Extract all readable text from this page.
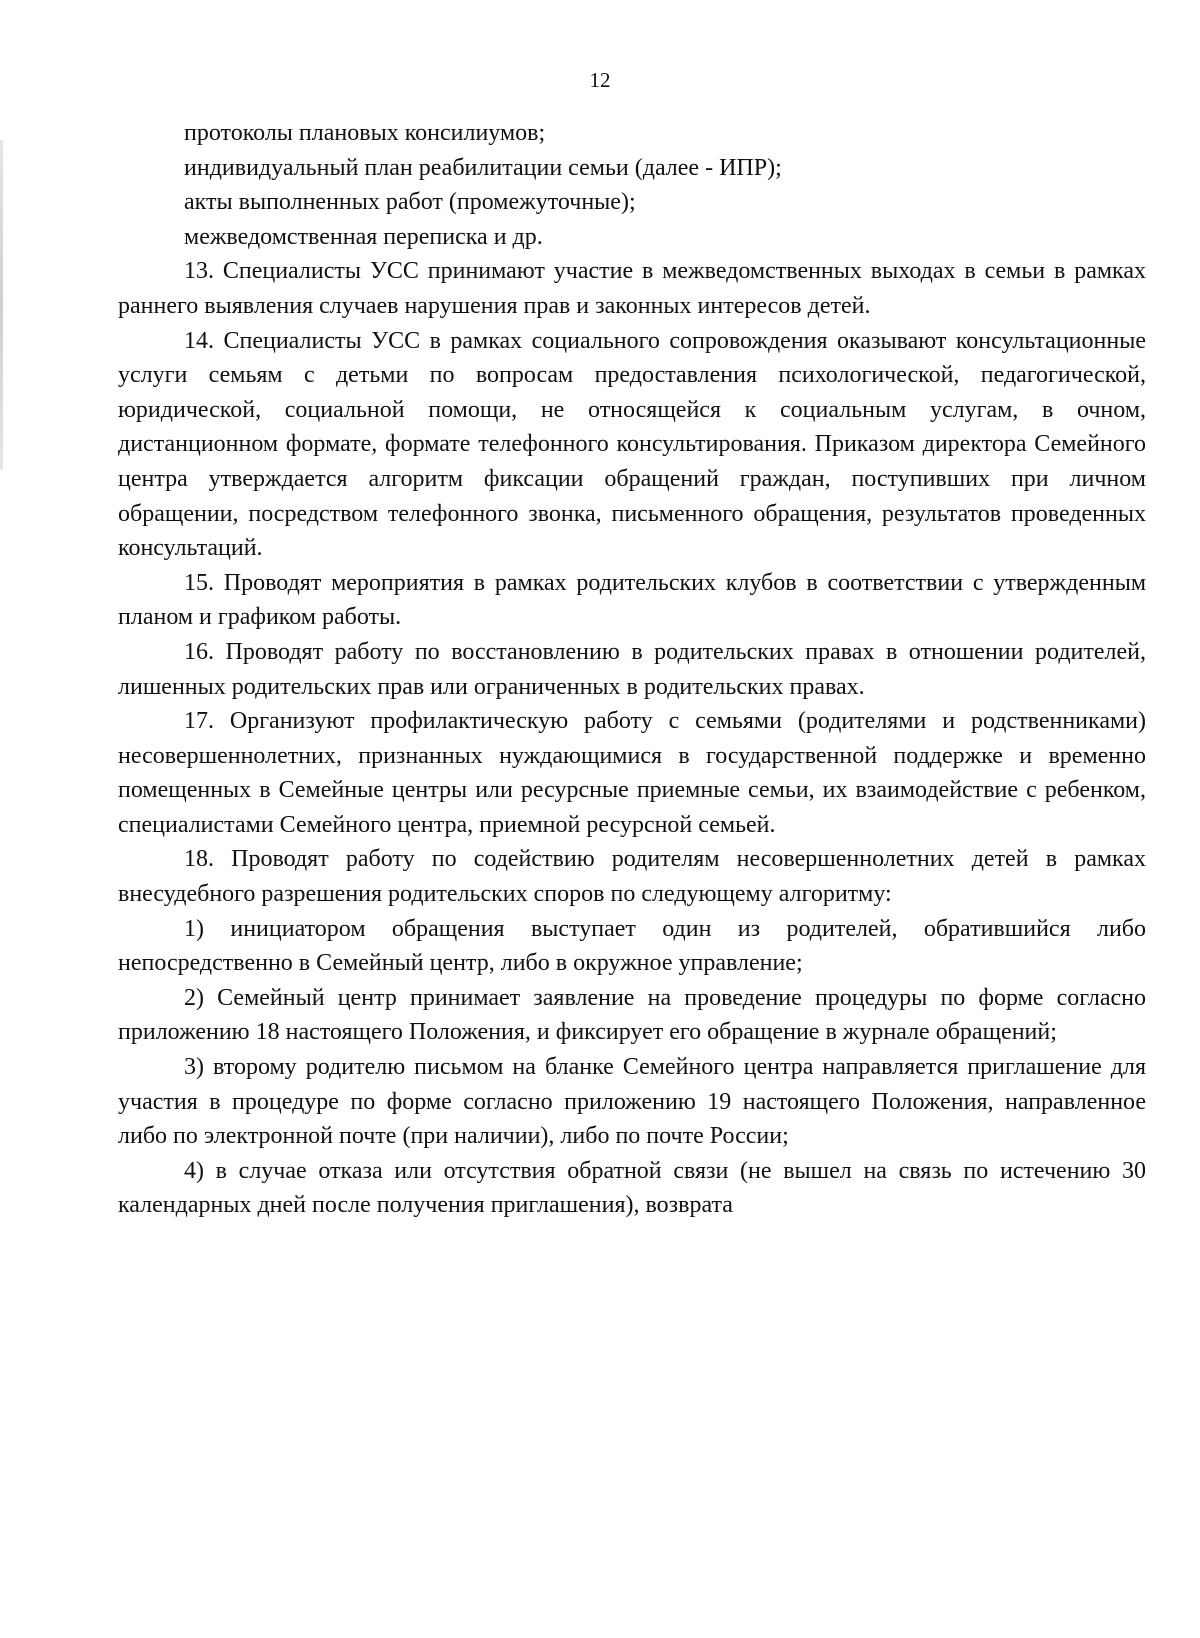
12

протоколы плановых консилиумов;

индивидуальный план реабилитации семьи (далее - ИПР);

акты выполненных работ (промежуточные);

межведомственная переписка и др.

13. Специалисты УСС принимают участие в межведомственных выходах в семьи в рамках раннего выявления случаев нарушения прав и законных интересов детей.

14. Специалисты УСС в рамках социального сопровождения оказывают консультационные услуги семьям с детьми по вопросам предоставления психологической, педагогической, юридической, социальной помощи, не относящейся к социальным услугам, в очном, дистанционном формате, формате телефонного консультирования. Приказом директора Семейного центра утверждается алгоритм фиксации обращений граждан, поступивших при личном обращении, посредством телефонного звонка, письменного обращения, результатов проведенных консультаций.

15. Проводят мероприятия в рамках родительских клубов в соответствии с утвержденным планом и графиком работы.

16. Проводят работу по восстановлению в родительских правах в отношении родителей, лишенных родительских прав или ограниченных в родительских правах.

17. Организуют профилактическую работу с семьями (родителями и родственниками) несовершеннолетних, признанных нуждающимися в государственной поддержке и временно помещенных в Семейные центры или ресурсные приемные семьи, их взаимодействие с ребенком, специалистами Семейного центра, приемной ресурсной семьей.

18. Проводят работу по содействию родителям несовершеннолетних детей в рамках внесудебного разрешения родительских споров по следующему алгоритму:

1) инициатором обращения выступает один из родителей, обратившийся либо непосредственно в Семейный центр, либо в окружное управление;

2) Семейный центр принимает заявление на проведение процедуры по форме согласно приложению 18 настоящего Положения, и фиксирует его обращение в журнале обращений;

3) второму родителю письмом на бланке Семейного центра направляется приглашение для участия в процедуре по форме согласно приложению 19 настоящего Положения, направленное либо по электронной почте (при наличии), либо по почте России;

4) в случае отказа или отсутствия обратной связи (не вышел на связь по истечению 30 календарных дней после получения приглашения), возврата
